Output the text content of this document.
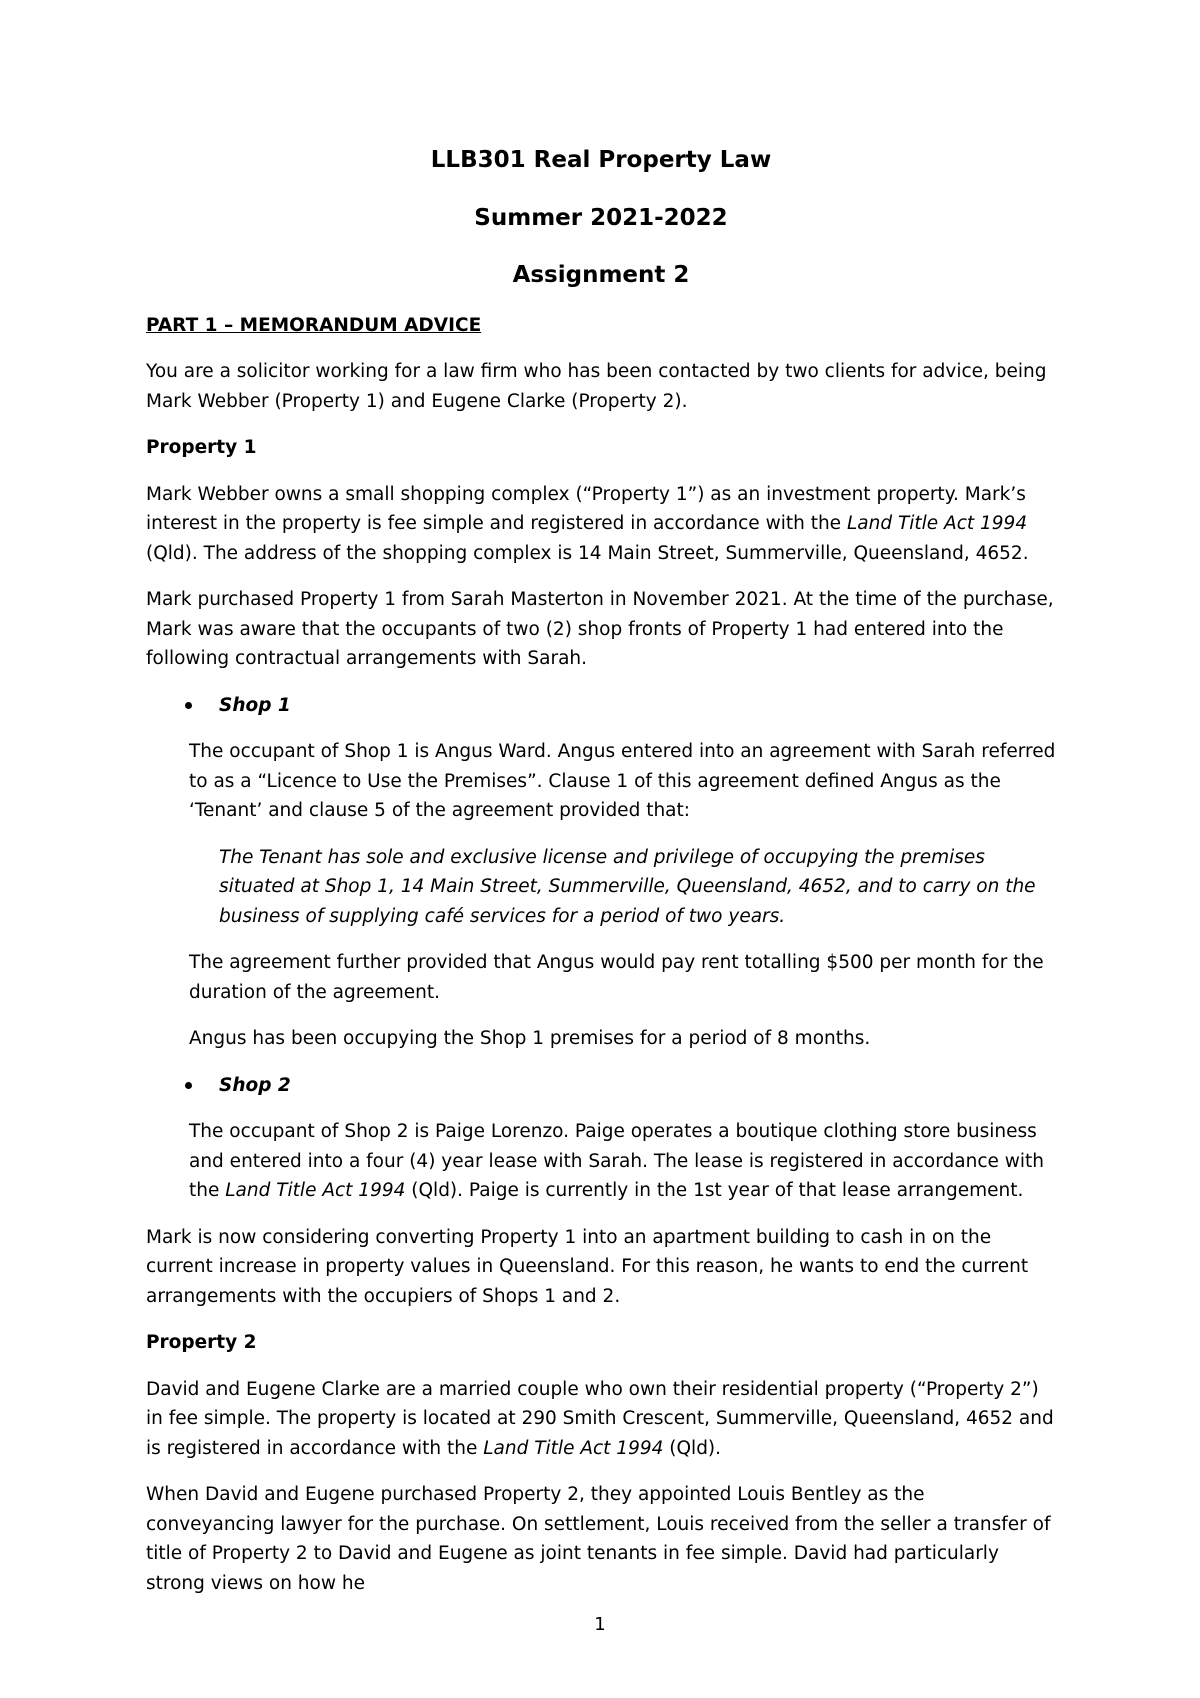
LLB301 Real Property Law

Summer 2021-2022

Assignment 2

PART 1 – MEMORANDUM ADVICE

You are a solicitor working for a law firm who has been contacted by two clients for advice, being Mark Webber (Property 1) and Eugene Clarke (Property 2).

Property 1

Mark Webber owns a small shopping complex (“Property 1”) as an investment property. Mark’s interest in the property is fee simple and registered in accordance with the Land Title Act 1994 (Qld). The address of the shopping complex is 14 Main Street, Summerville, Queensland, 4652.

Mark purchased Property 1 from Sarah Masterton in November 2021. At the time of the purchase, Mark was aware that the occupants of two (2) shop fronts of Property 1 had entered into the following contractual arrangements with Sarah.

Shop 1

The occupant of Shop 1 is Angus Ward. Angus entered into an agreement with Sarah referred to as a “Licence to Use the Premises”. Clause 1 of this agreement defined Angus as the ‘Tenant’ and clause 5 of the agreement provided that:

The Tenant has sole and exclusive license and privilege of occupying the premises situated at Shop 1, 14 Main Street, Summerville, Queensland, 4652, and to carry on the business of supplying café services for a period of two years.

The agreement further provided that Angus would pay rent totalling $500 per month for the duration of the agreement.

Angus has been occupying the Shop 1 premises for a period of 8 months.

Shop 2

The occupant of Shop 2 is Paige Lorenzo. Paige operates a boutique clothing store business and entered into a four (4) year lease with Sarah. The lease is registered in accordance with the Land Title Act 1994 (Qld). Paige is currently in the 1st year of that lease arrangement.

Mark is now considering converting Property 1 into an apartment building to cash in on the current increase in property values in Queensland. For this reason, he wants to end the current arrangements with the occupiers of Shops 1 and 2.

Property 2

David and Eugene Clarke are a married couple who own their residential property (“Property 2”) in fee simple. The property is located at 290 Smith Crescent, Summerville, Queensland, 4652 and is registered in accordance with the Land Title Act 1994 (Qld).

When David and Eugene purchased Property 2, they appointed Louis Bentley as the conveyancing lawyer for the purchase. On settlement, Louis received from the seller a transfer of title of Property 2 to David and Eugene as joint tenants in fee simple. David had particularly strong views on how he

1
